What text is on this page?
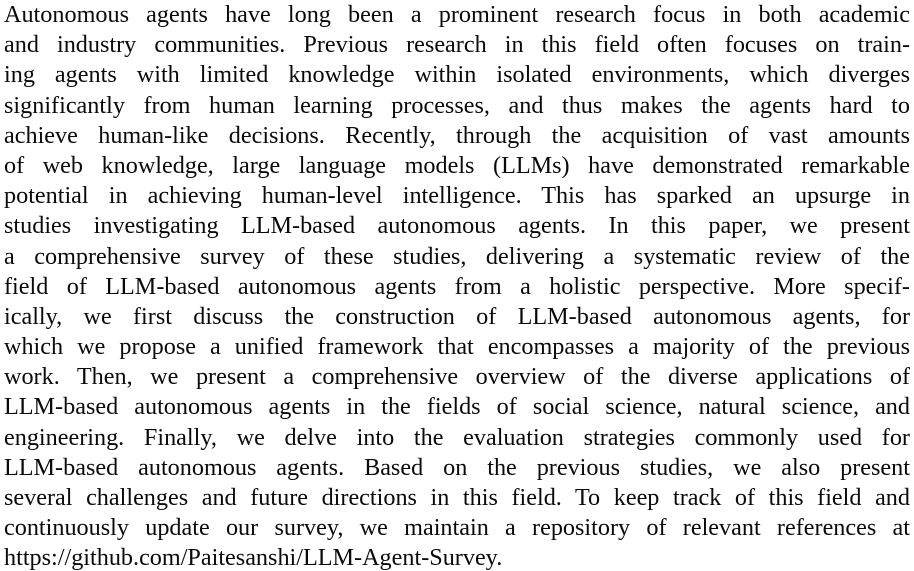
Autonomous agents have long been a prominent research focus in both academic
and industry communities. Previous research in this field often focuses on train-
ing agents with limited knowledge within isolated environments, which diverges
significantly from human learning processes, and thus makes the agents hard to
achieve human-like decisions. Recently, through the acquisition of vast amounts
of web knowledge, large language models (LLMs) have demonstrated remarkable
potential in achieving human-level intelligence. This has sparked an upsurge in
studies investigating LLM-based autonomous agents. In this paper, we present
a comprehensive survey of these studies, delivering a systematic review of the
field of LLM-based autonomous agents from a holistic perspective. More specif-
ically, we first discuss the construction of LLM-based autonomous agents, for
which we propose a unified framework that encompasses a majority of the previous
work. Then, we present a comprehensive overview of the diverse applications of
LLM-based autonomous agents in the fields of social science, natural science, and
engineering. Finally, we delve into the evaluation strategies commonly used for
LLM-based autonomous agents. Based on the previous studies, we also present
several challenges and future directions in this field. To keep track of this field and
continuously update our survey, we maintain a repository of relevant references at
https://github.com/Paitesanshi/LLM-Agent-Survey.
